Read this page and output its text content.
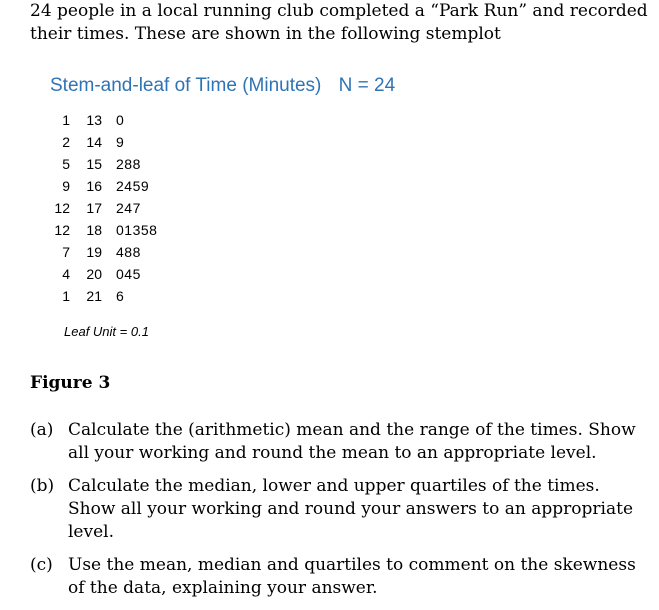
24 people in a local running club completed a “Park Run” and recorded their times. These are shown in the following stemplot
Stem-and-leaf of Time (Minutes) N = 24
1	13 0
2	14 9
5	15 288
9	16 2459
12	17 247
12	18 01358
7	19 488
4	20 045
1	21 6
Leaf Unit = 0.1
Figure 3
(a) Calculate the (arithmetic) mean and the range of the times. Show all your working and round the mean to an appropriate level.
(b) Calculate the median, lower and upper quartiles of the times. Show all your working and round your answers to an appropriate level.
(c) Use the mean, median and quartiles to comment on the skewness of the data, explaining your answer.
